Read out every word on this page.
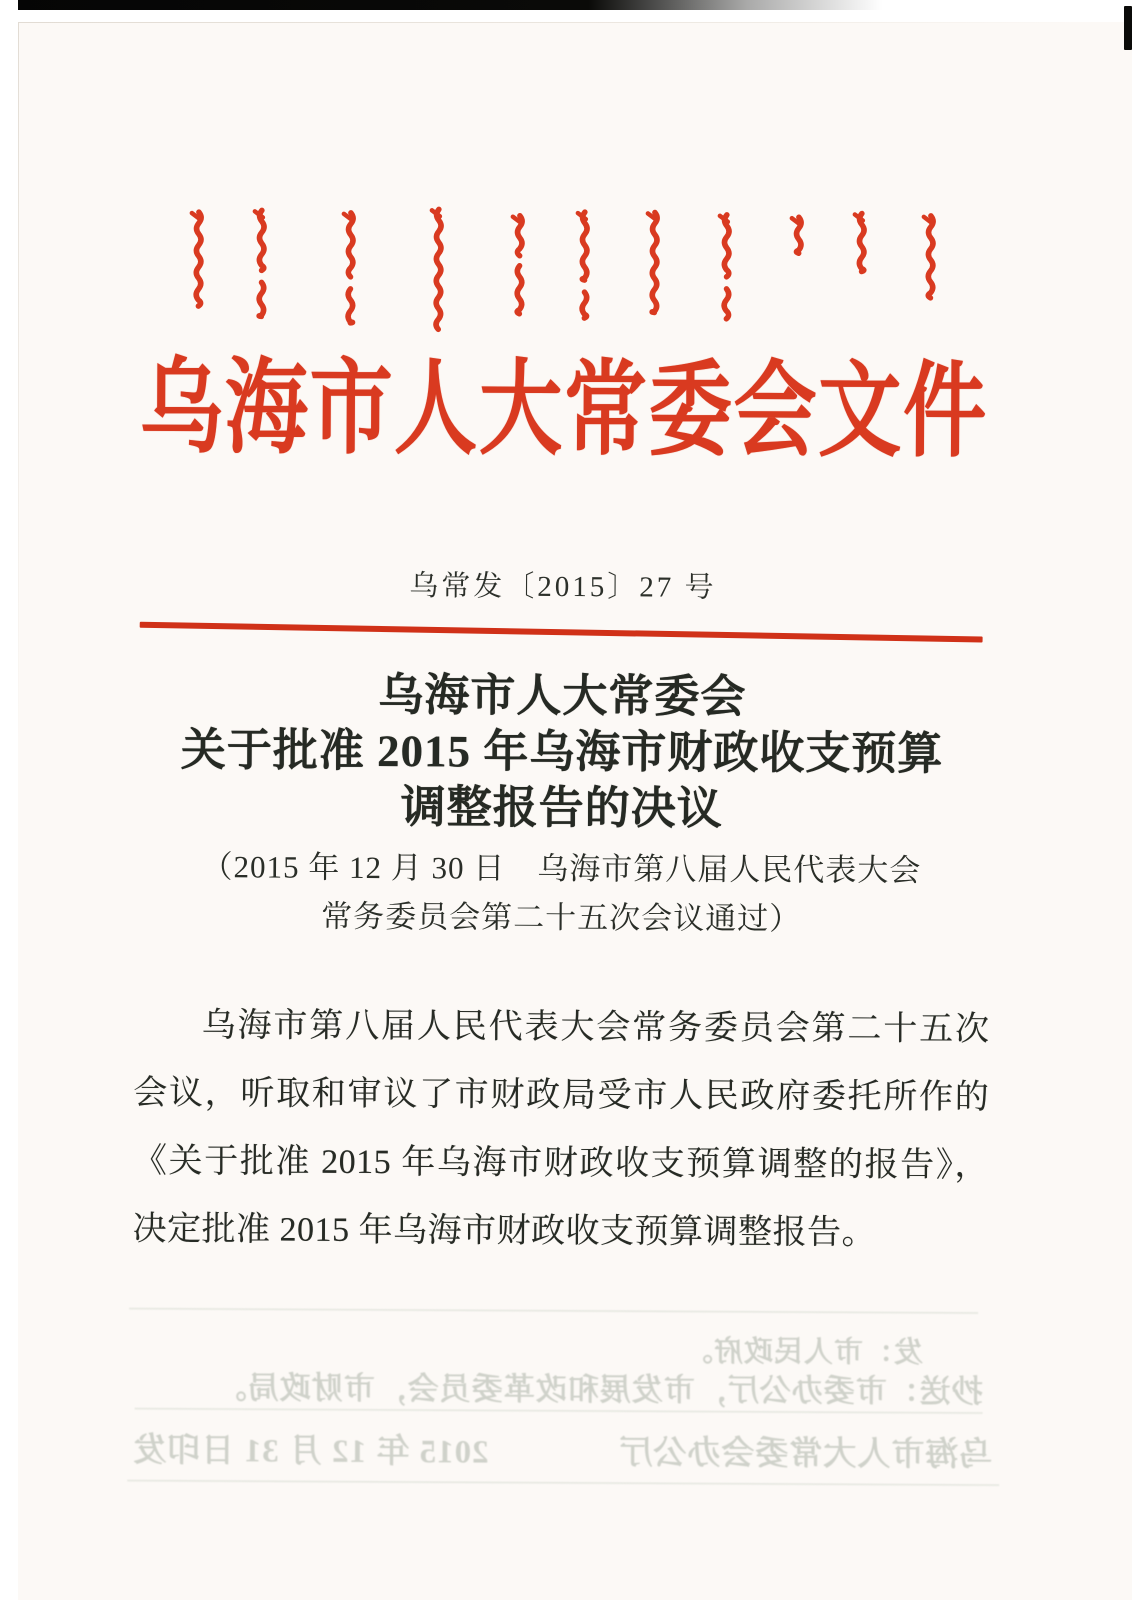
乌海市人大常委会文件
乌常发〔2015〕27 号
乌海市人大常委会
关于批准 2015 年乌海市财政收支预算
调整报告的决议
（2015 年 12 月 30 日　乌海市第八届人民代表大会
常务委员会第二十五次会议通过）

乌海市第八届人民代表大会常务委员会第二十五次会议，听取和审议了市财政局受市人民政府委托所作的《关于批准 2015 年乌海市财政收支预算调整的报告》，决定批准 2015 年乌海市财政收支预算调整报告。

发：市人民政府。
抄送：市委办公厅，市发展和改革委员会，市财政局。
乌海市人大常委会办公厅
2015 年 12 月 31 日印发
